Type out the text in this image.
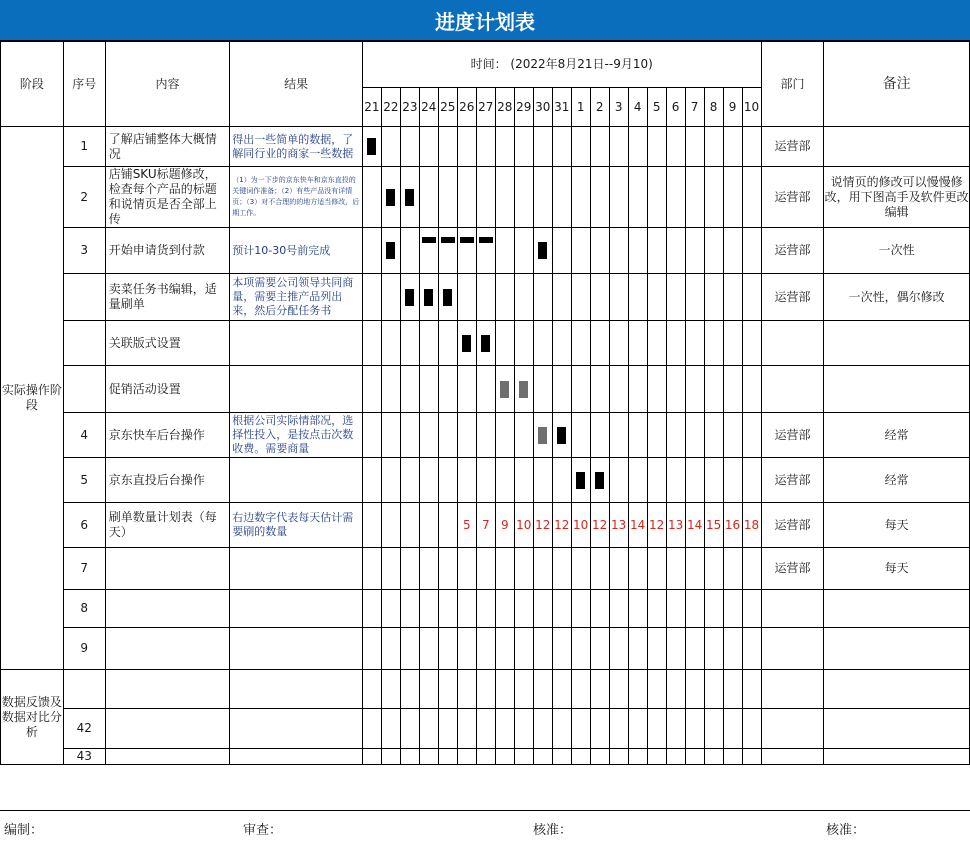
进度计划表
阶段	序号	内容	结果	时间： (2022年8月21日--9月10)																					部门	备注
				21	22	23	24	25	26	27	28	29	30	31	1	2	3	4	5	6	7	8	9	10		
实际操作阶段	1	了解店铺整体大概情况	得出一些简单的数据，了解同行业的商家一些数据																						运营部	
	2	店铺SKU标题修改，检查每个产品的标题和说情页是否全部上传	（1）为一下步的京东快车和京东直投的关键词作准备；（2）有些产品没有详情页；（3）对不合理的的地方适当修改，后期工作。																						运营部	说情页的修改可以慢慢修改，用下图高手及软件更改编辑
	3	开始申请货到付款	预计10-30号前完成																						运营部	一次性
		卖菜任务书编辑，适量刷单	本项需要公司领导共同商量，需要主推产品列出来，然后分配任务书																						运营部	一次性，偶尔修改
		关联版式设置																								
		促销活动设置																								
	4	京东快车后台操作	根据公司实际情部况，选择性投入，是按点击次数收费。需要商量																						运营部	经常
	5	京东直投后台操作																							运营部	经常
	6	刷单数量计划表（每天）	右边数字代表每天估计需要刷的数量						5	7	9	10	12	12	10	12	13	14	12	13	14	15	16	18	运营部	每天
	7																								运营部	每天
	8																									
	9																									
数据反馈及数据对比分析																										
	42																									
	43																									
编制：	审查：	核准：	核准：
